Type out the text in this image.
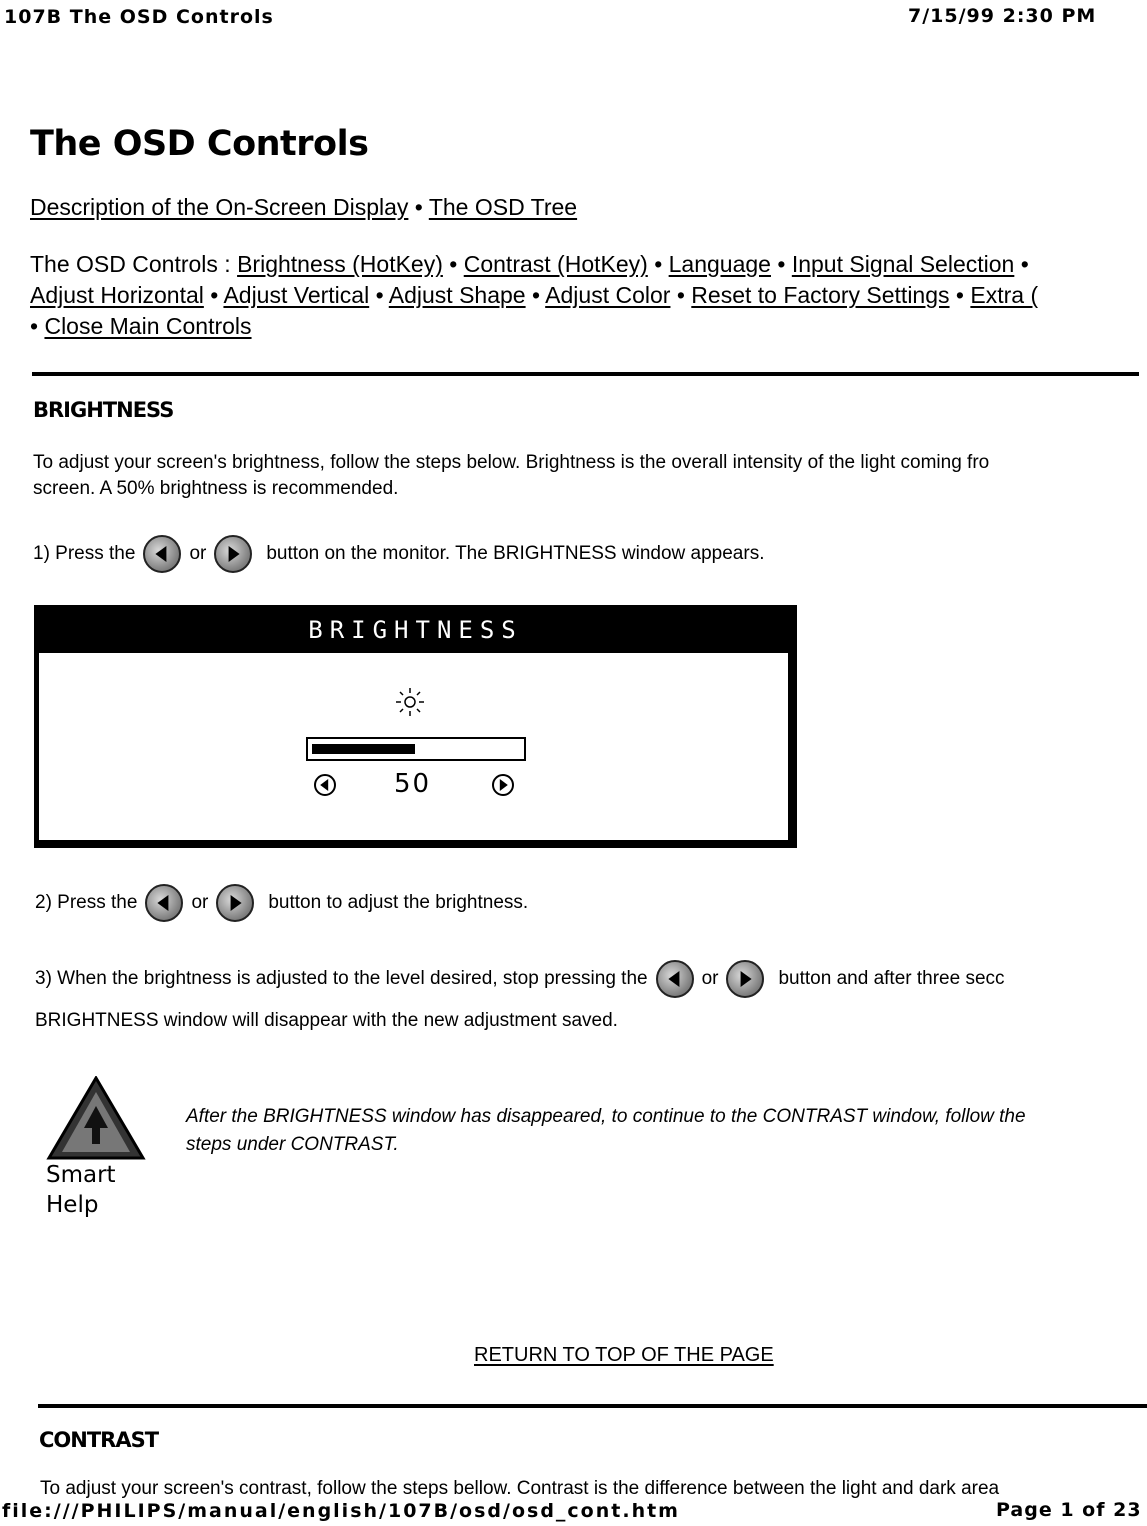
107B The OSD Controls	7/15/99 2:30 PM
The OSD Controls
Description of the On-Screen Display • The OSD Tree
The OSD Controls : Brightness (HotKey) • Contrast (HotKey) • Language • Input Signal Selection •
Adjust Horizontal • Adjust Vertical • Adjust Shape • Adjust Color • Reset to Factory Settings • Extra (
• Close Main Controls
BRIGHTNESS
To adjust your screen's brightness, follow the steps below. Brightness is the overall intensity of the light coming fro
screen. A 50% brightness is recommended.
1) Press the	or	button on the monitor. The BRIGHTNESS window appears.
BRIGHTNESS
50
2) Press the	or	button to adjust the brightness.
3) When the brightness is adjusted to the level desired, stop pressing the	or	button and after three secc
BRIGHTNESS window will disappear with the new adjustment saved.
Smart
Help
After the BRIGHTNESS window has disappeared, to continue to the CONTRAST window, follow the
steps under CONTRAST.
RETURN TO TOP OF THE PAGE
CONTRAST
To adjust your screen's contrast, follow the steps bellow. Contrast is the difference between the light and dark area
file:///PHILIPS/manual/english/107B/osd/osd_cont.htm	Page 1 of 23
